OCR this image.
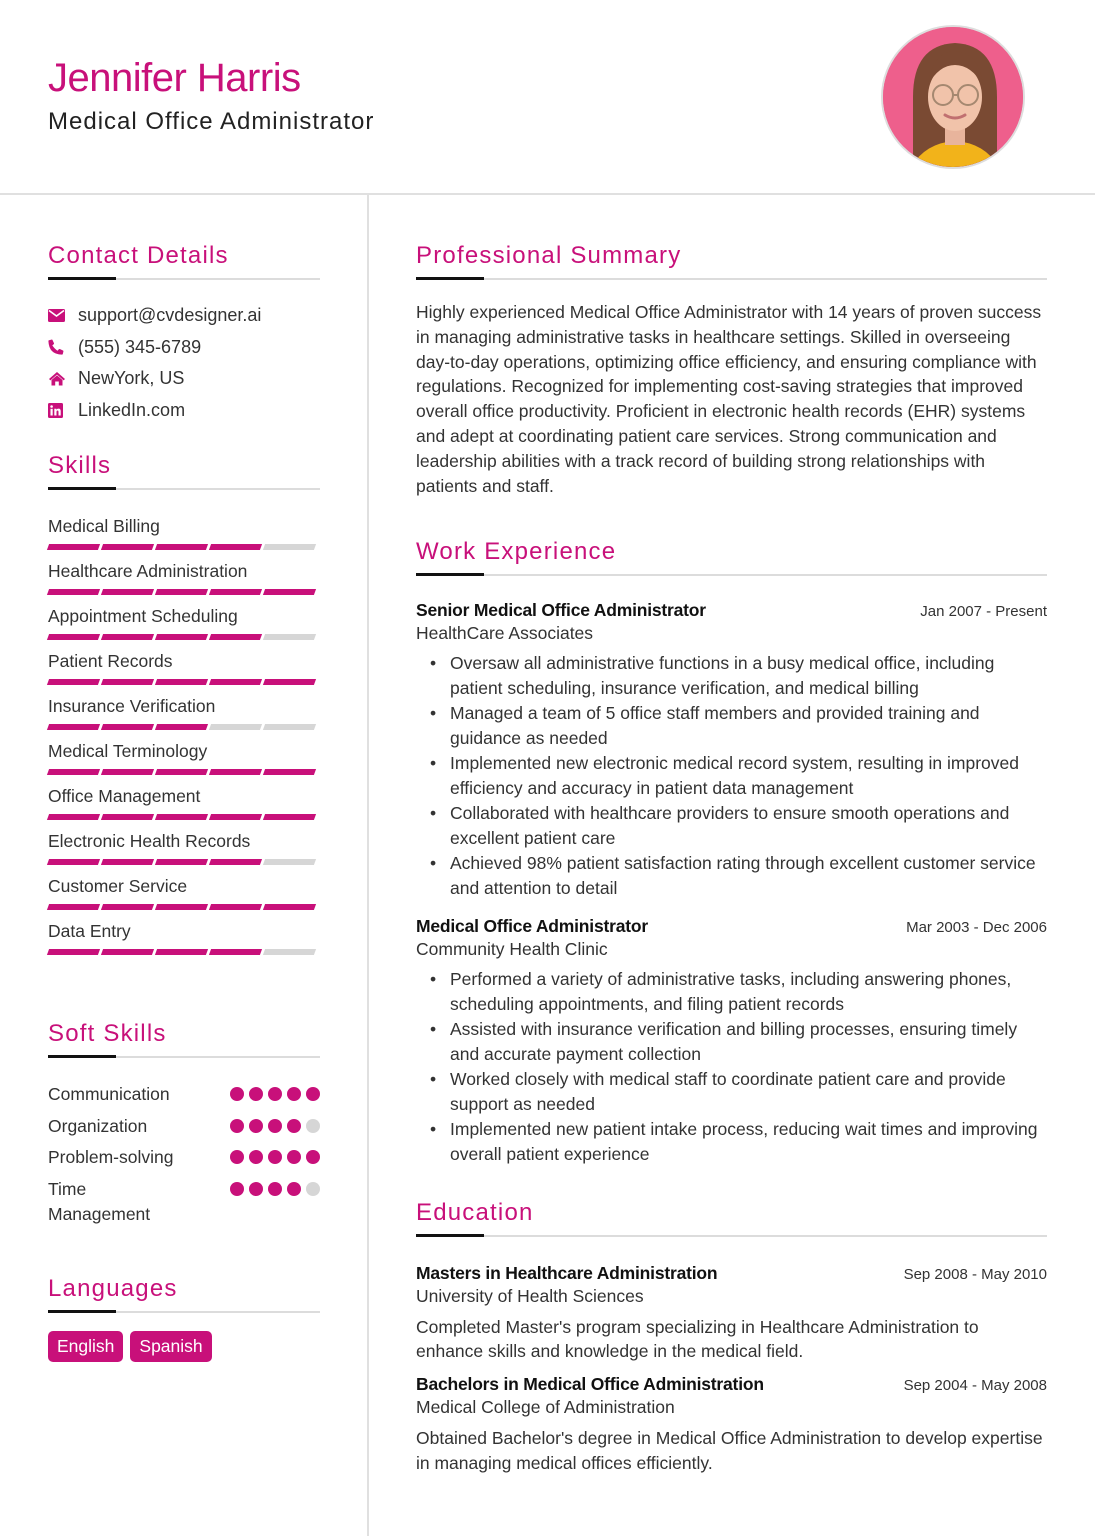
Jennifer Harris
Medical Office Administrator
Contact Details
support@cvdesigner.ai
(555) 345-6789
NewYork, US
LinkedIn.com
Skills
Medical Billing
Healthcare Administration
Appointment Scheduling
Patient Records
Insurance Verification
Medical Terminology
Office Management
Electronic Health Records
Customer Service
Data Entry
Soft Skills
Communication
Organization
Problem-solving
Time Management
Languages
English	Spanish
Professional Summary

Highly experienced Medical Office Administrator with 14 years of proven success in managing administrative tasks in healthcare settings. Skilled in overseeing day-to-day operations, optimizing office efficiency, and ensuring compliance with regulations. Recognized for implementing cost-saving strategies that improved overall office productivity. Proficient in electronic health records (EHR) systems and adept at coordinating patient care services. Strong communication and leadership abilities with a track record of building strong relationships with patients and staff.

Work Experience
Senior Medical Office Administrator	Jan 2007 - Present
HealthCare Associates
• Oversaw all administrative functions in a busy medical office, including patient scheduling, insurance verification, and medical billing
• Managed a team of 5 office staff members and provided training and guidance as needed
• Implemented new electronic medical record system, resulting in improved efficiency and accuracy in patient data management
• Collaborated with healthcare providers to ensure smooth operations and excellent patient care
• Achieved 98% patient satisfaction rating through excellent customer service and attention to detail
Medical Office Administrator	Mar 2003 - Dec 2006
Community Health Clinic
• Performed a variety of administrative tasks, including answering phones, scheduling appointments, and filing patient records
• Assisted with insurance verification and billing processes, ensuring timely and accurate payment collection
• Worked closely with medical staff to coordinate patient care and provide support as needed
• Implemented new patient intake process, reducing wait times and improving overall patient experience
Education
Masters in Healthcare Administration	Sep 2008 - May 2010
University of Health Sciences

Completed Master's program specializing in Healthcare Administration to enhance skills and knowledge in the medical field.

Bachelors in Medical Office Administration	Sep 2004 - May 2008
Medical College of Administration

Obtained Bachelor's degree in Medical Office Administration to develop expertise in managing medical offices efficiently.
